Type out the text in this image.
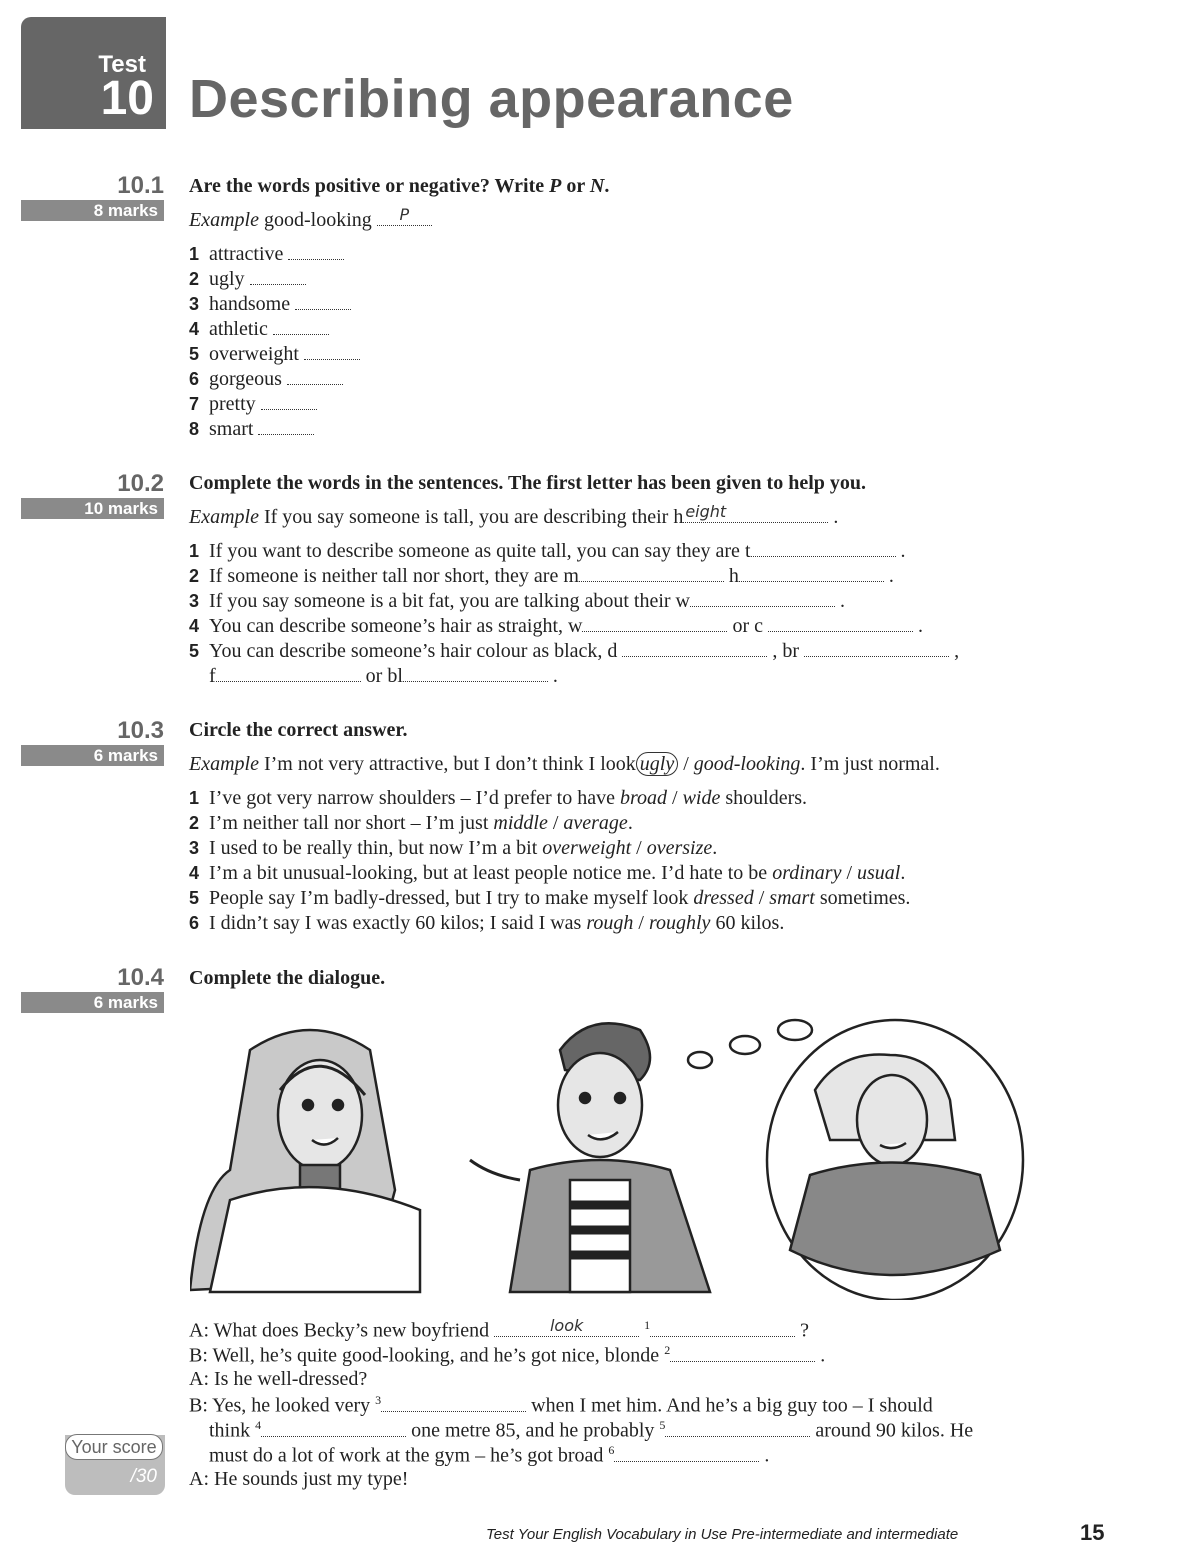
Test
10 Describing appearance
10.1
8 marks
Are the words positive or negative? Write P or N.
Example good-looking	P
1 attractive
2 ugly
3 handsome
4 athletic
5 overweight
6 gorgeous
7 pretty
8 smart
10.2
10 marks
Complete the words in the sentences. The first letter has been given to help you.
Example If you say someone is tall, you are describing their h eight	.
1 If you want to describe someone as quite tall, you can say they are t	.
2 If someone is neither tall nor short, they are m	h	.
3 If you say someone is a bit fat, you are talking about their w	.
4 You can describe someone’s hair as straight, w	or c	.
5 You can describe someone’s hair colour as black, d	, br	,
f	or bl	.
10.3
6 marks
Circle the correct answer.
Example I’m not very attractive, but I don’t think I look ugly / good-looking. I’m just normal.
1 I’ve got very narrow shoulders – I’d prefer to have broad / wide shoulders.
2 I’m neither tall nor short – I’m just middle / average.
3 I used to be really thin, but now I’m a bit overweight / oversize.
4 I’m a bit unusual-looking, but at least people notice me. I’d hate to be ordinary / usual.
5 People say I’m badly-dressed, but I try to make myself look dressed / smart sometimes.
6 I didn’t say I was exactly 60 kilos; I said I was rough / roughly 60 kilos.
10.4
6 marks
Complete the dialogue.
A: What does Becky’s new boyfriend	look	$^1$	?
B: Well, he’s quite good-looking, and he’s got nice, blonde $^2$	.
A: Is he well-dressed?
B: Yes, he looked very $^3$	when I met him. And he’s a big guy too – I should
think $^4$	one metre 85, and he probably $^5$	around 90 kilos. He
must do a lot of work at the gym – he’s got broad $^6$	.
A: He sounds just my type!
Your score
/30
Test Your English Vocabulary in Use Pre-intermediate and intermediate	15
